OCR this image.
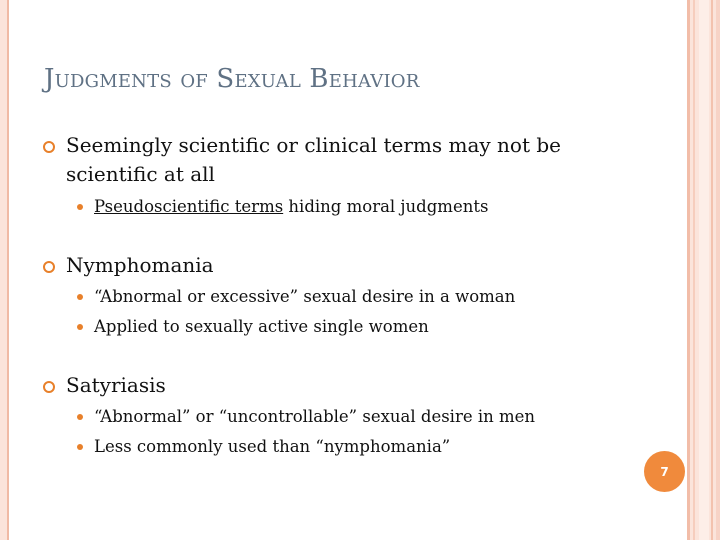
Judgments of Sexual Behavior
Seemingly scientific or clinical terms may not be scientific at all
Pseudoscientific terms hiding moral judgments
Nymphomania
“Abnormal or excessive” sexual desire in a woman
Applied to sexually active single women
Satyriasis
“Abnormal” or “uncontrollable” sexual desire in men
Less commonly used than “nymphomania”
7
